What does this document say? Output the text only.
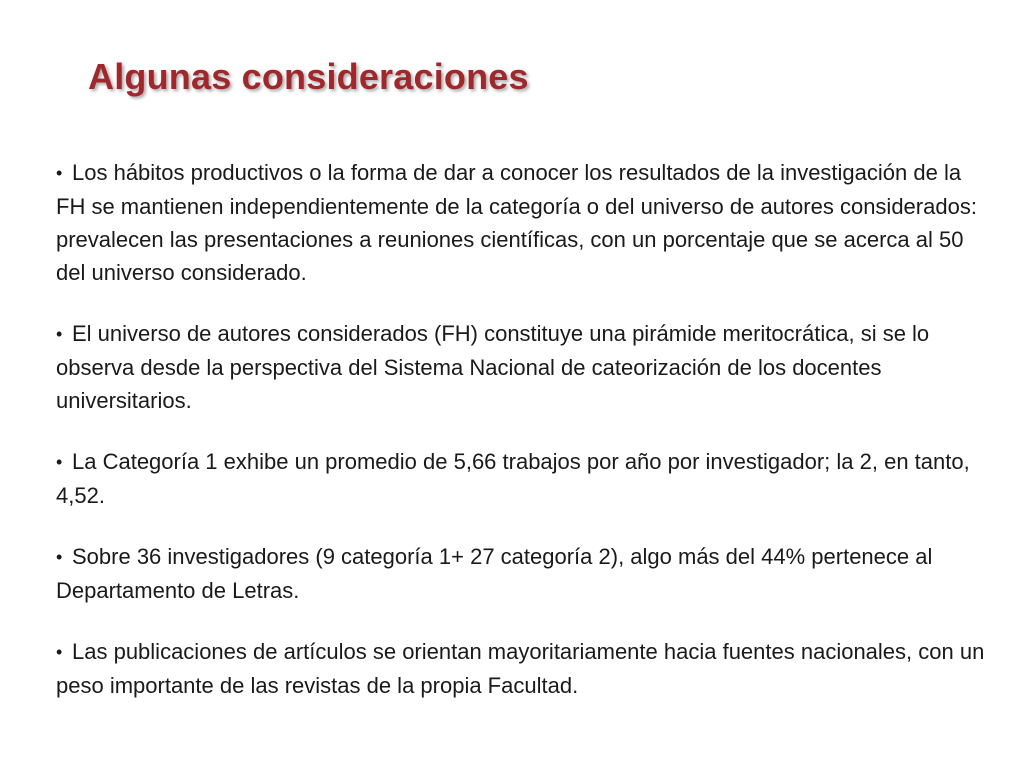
Algunas consideraciones
• Los hábitos productivos o la forma de dar a conocer los resultados de la investigación de la FH se mantienen independientemente de la categoría o del universo de autores considerados: prevalecen las presentaciones a reuniones científicas, con un porcentaje que se acerca al 50 del universo considerado.
• El universo de autores considerados (FH) constituye una pirámide meritocrática, si se lo observa desde la perspectiva del Sistema Nacional de cateorización de los docentes universitarios.
• La Categoría 1 exhibe un promedio de 5,66 trabajos por año por investigador; la 2, en tanto, 4,52.
• Sobre 36 investigadores (9 categoría 1+ 27 categoría 2), algo más del 44% pertenece al Departamento de Letras.
• Las publicaciones de artículos se orientan mayoritariamente hacia fuentes nacionales, con un peso importante de las revistas de la propia Facultad.
